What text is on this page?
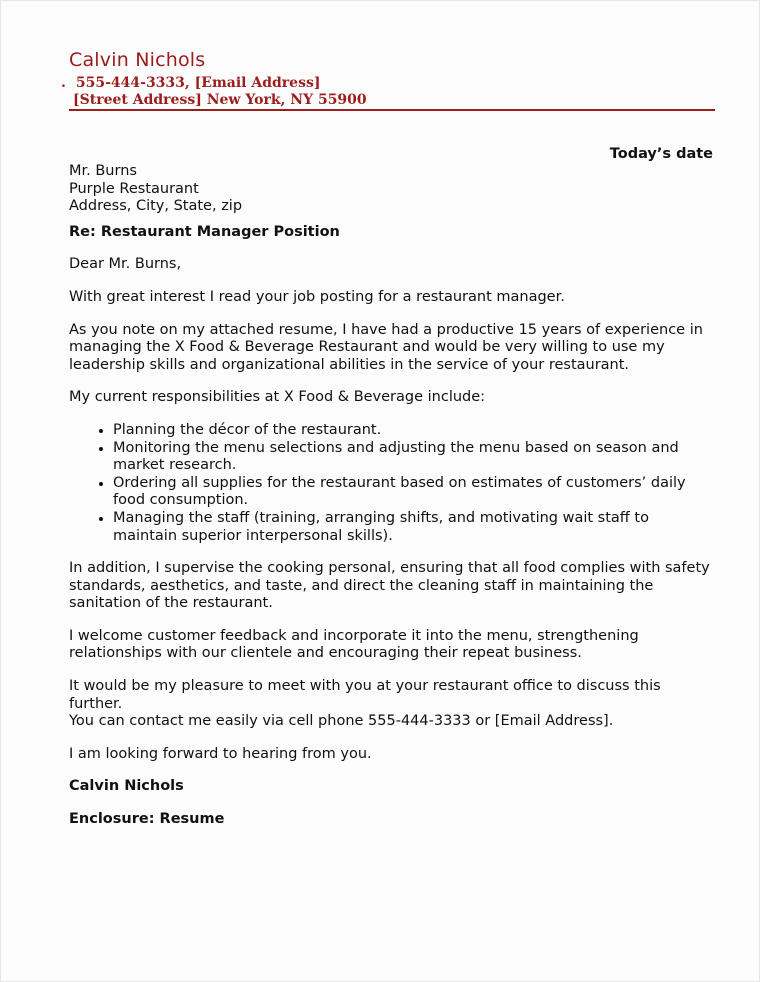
Calvin Nichols
. 555-444-3333, [Email Address]
[Street Address] New York, NY 55900
Today’s date

Mr. Burns

Purple Restaurant

Address, City, State, zip

Re: Restaurant Manager Position

Dear Mr. Burns,

With great interest I read your job posting for a restaurant manager.

As you note on my attached resume, I have had a productive 15 years of experience in managing the X Food & Beverage Restaurant and would be very willing to use my leadership skills and organizational abilities in the service of your restaurant.

My current responsibilities at X Food & Beverage include:

• Planning the décor of the restaurant.
• Monitoring the menu selections and adjusting the menu based on season and market research.
• Ordering all supplies for the restaurant based on estimates of customers’ daily food consumption.
• Managing the staff (training, arranging shifts, and motivating wait staff to maintain superior interpersonal skills).

In addition, I supervise the cooking personal, ensuring that all food complies with safety standards, aesthetics, and taste, and direct the cleaning staff in maintaining the sanitation of the restaurant.

I welcome customer feedback and incorporate it into the menu, strengthening relationships with our clientele and encouraging their repeat business.

It would be my pleasure to meet with you at your restaurant office to discuss this further.

You can contact me easily via cell phone 555-444-3333 or [Email Address].

I am looking forward to hearing from you.

Calvin Nichols

Enclosure: Resume
